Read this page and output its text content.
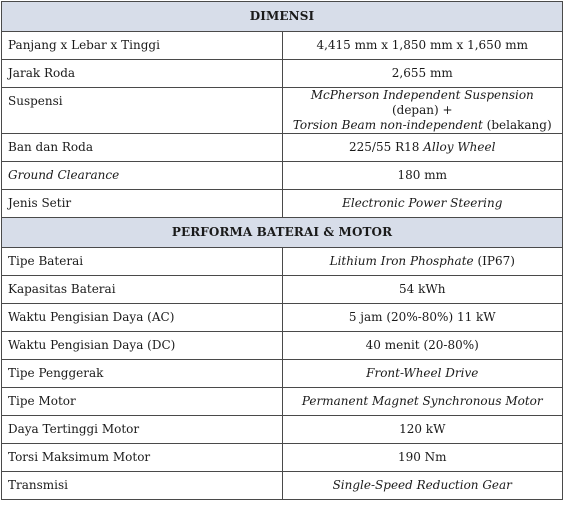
DIMENSI	
Panjang x Lebar x Tinggi	4,415 mm x 1,850 mm x 1,650 mm
Jarak Roda	2,655 mm
Suspensi	McPherson Independent Suspension (depan) +
Torsion Beam non-independent (belakang)
Ban dan Roda	225/55 R18 Alloy Wheel
Ground Clearance	180 mm
Jenis Setir	Electronic Power Steering
PERFORMA BATERAI & MOTOR	
Tipe Baterai	Lithium Iron Phosphate (IP67)
Kapasitas Baterai	54 kWh
Waktu Pengisian Daya (AC)	5 jam (20%-80%) 11 kW
Waktu Pengisian Daya (DC)	40 menit (20-80%)
Tipe Penggerak	Front-Wheel Drive
Tipe Motor	Permanent Magnet Synchronous Motor
Daya Tertinggi Motor	120 kW
Torsi Maksimum Motor	190 Nm
Transmisi	Single-Speed Reduction Gear
